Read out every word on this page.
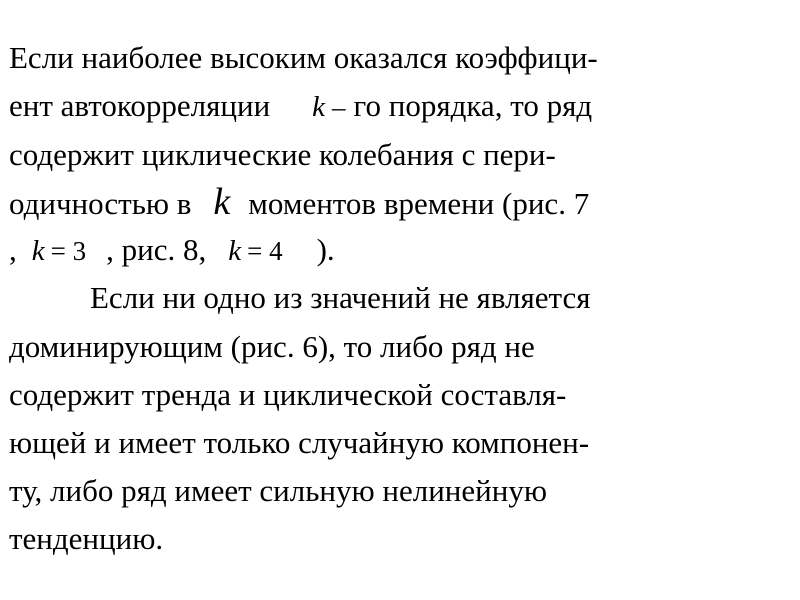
Если наиболее высоким оказался коэффици-
ент автокорреляции k – го порядка, то ряд
содержит циклические колебания с пери-
одичностью в k моментов времени (рис. 7
, k = 3 , рис. 8, k = 4 ).
Если ни одно из значений не является
доминирующим (рис. 6), то либо ряд не
содержит тренда и циклической составля-
ющей и имеет только случайную компонен-
ту, либо ряд имеет сильную нелинейную
тенденцию.
